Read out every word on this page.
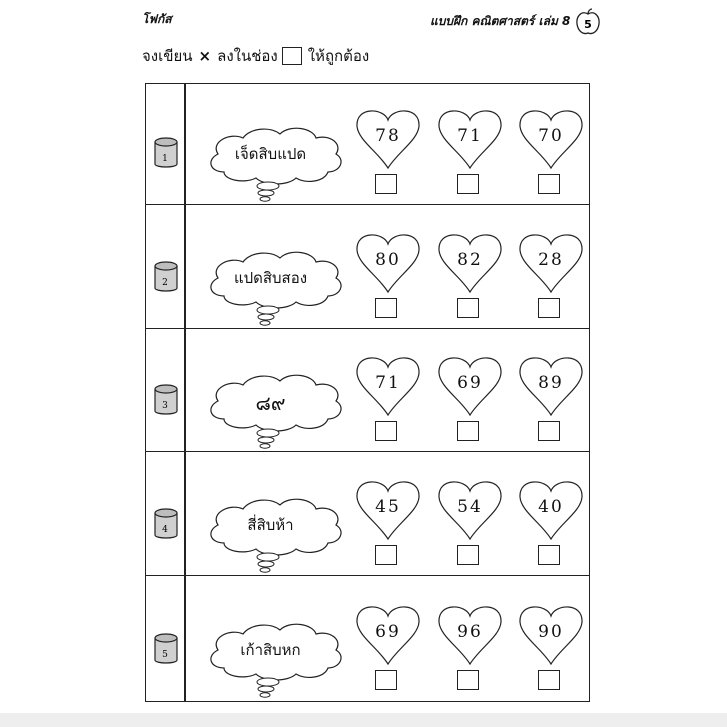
โฟกัส	แบบฝึก คณิตศาสตร์ เล่ม 8 5
จงเขียน × ลงในช่อง ให้ถูกต้อง
1	เจ็ดสิบแปด
78	71	70
2	แปดสิบสอง
80	82	28
3	๘๙
71	69	89
4	สี่สิบห้า
45	54	40
5	เก้าสิบหก
69	96	90
